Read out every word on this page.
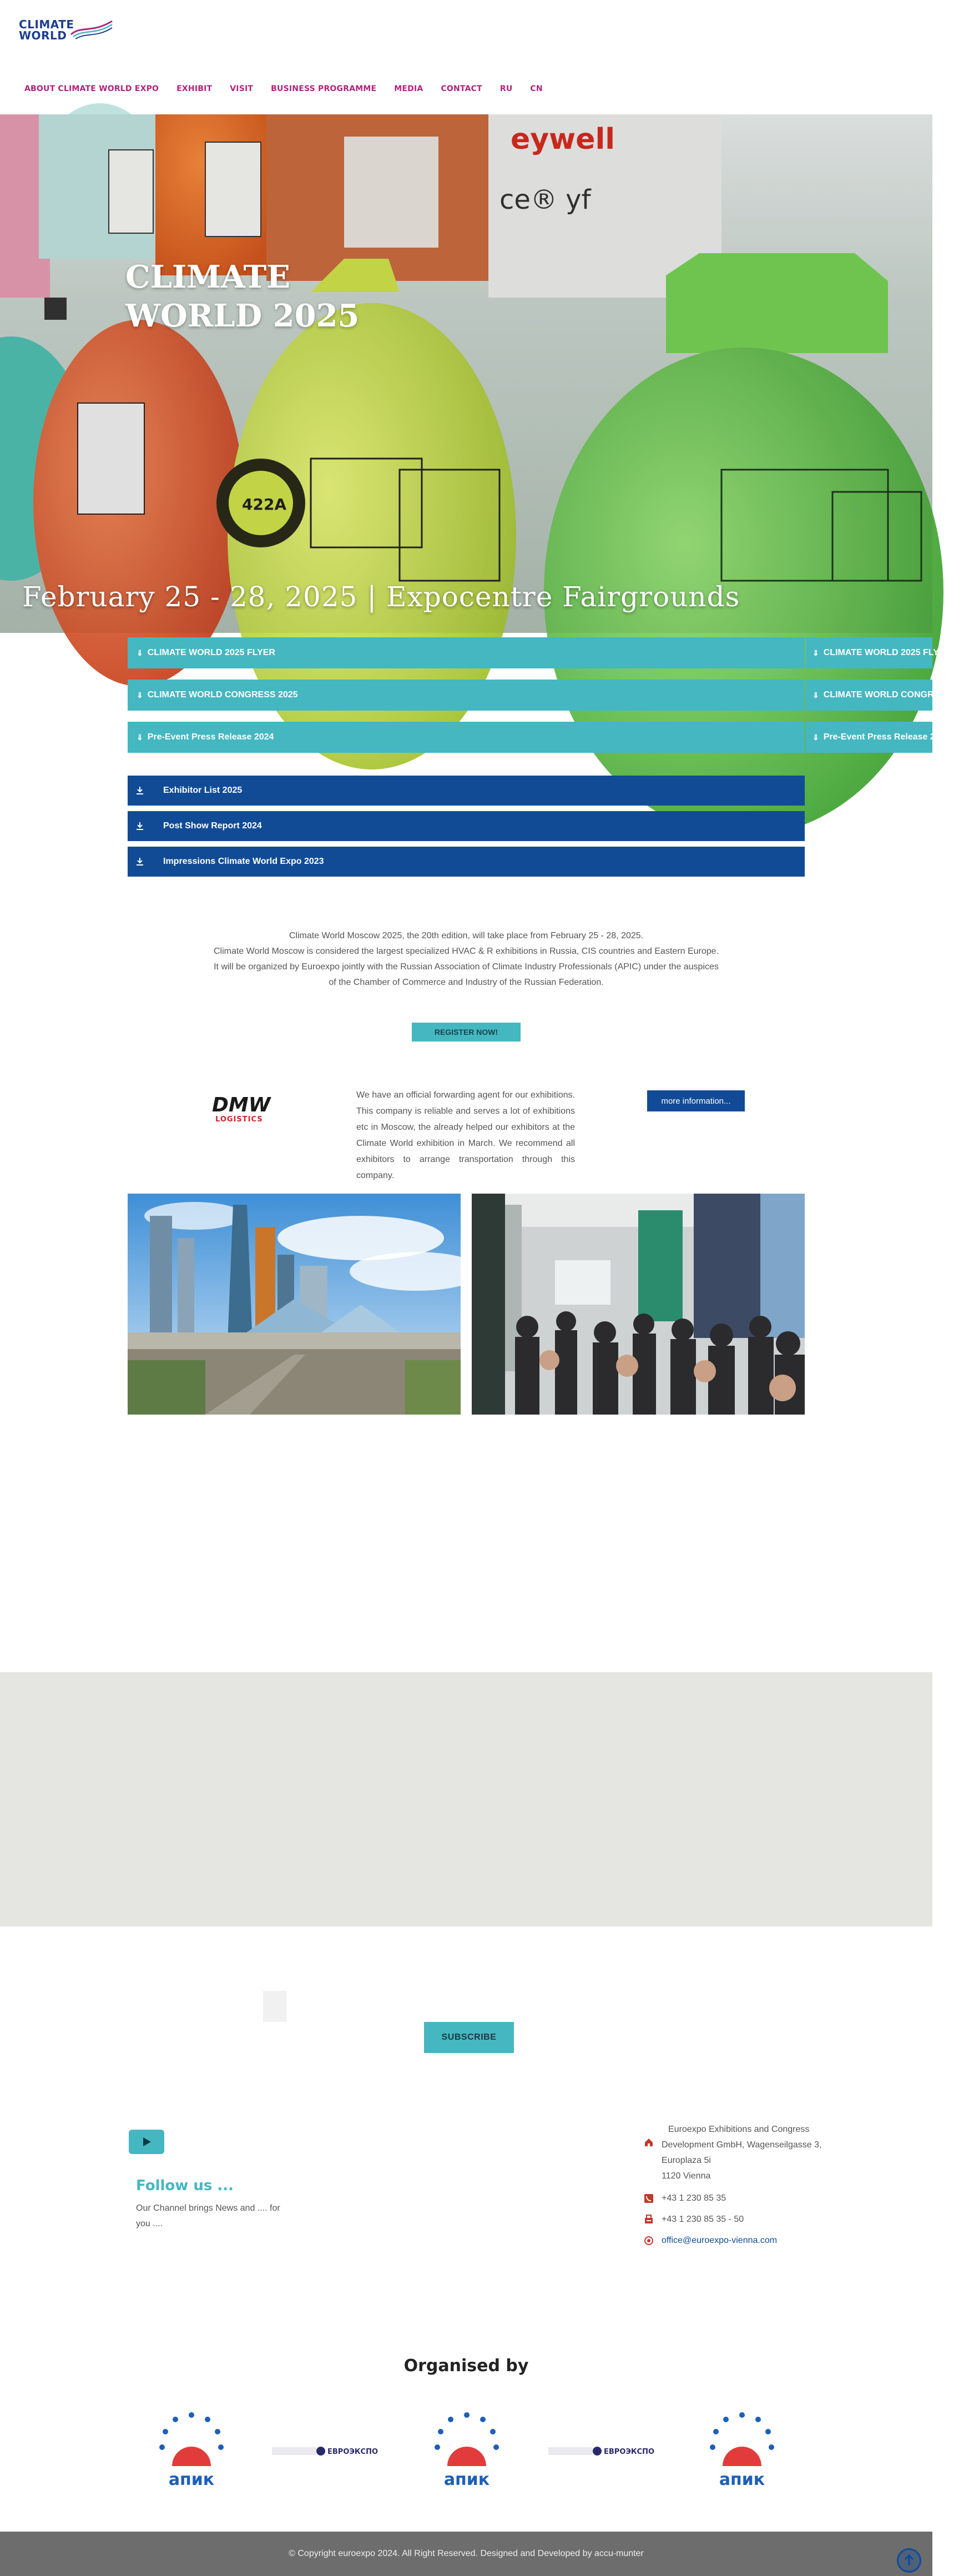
CLIMATE
WORLD
ABOUT CLIMATE WORLD EXPO EXHIBIT VISIT BUSINESS PROGRAMME MEDIA CONTACT RU CN
CLIMATE
WORLD 2025
February 25 - 28, 2025 | Expocentre Fairgrounds
⇓ CLIMATE WORLD 2025 FLYER	⇓ CLIMATE WORLD 2025 FLYER
⇓ CLIMATE WORLD CONGRESS 2025	⇓ CLIMATE WORLD CONGRESS 2025
⇓ Pre-Event Press Release 2024	⇓ Pre-Event Press Release 2024
Exhibitor List 2025
Post Show Report 2024
Impressions Climate World Expo 2023
Climate World Moscow 2025, the 20th edition, will take place from February 25 - 28, 2025.
Climate World Moscow is considered the largest specialized HVAC & R exhibitions in Russia, CIS countries and Eastern Europe.
It will be organized by Euroexpo jointly with the Russian Association of Climate Industry Professionals (APIC) under the auspices
of the Chamber of Commerce and Industry of the Russian Federation.
REGISTER NOW!
DMW
LOGISTICS
We have an official forwarding agent for our exhibitions. This company is reliable and serves a lot of exhibitions etc in Moscow, the already helped our exhibitors at the Climate World exhibition in March. We recommend all exhibitors to arrange transportation through this company.
more information...
SUBSCRIBE
Follow us ...
Our Channel brings News and .... for you ....
Euroexpo Exhibitions and Congress
Development GmbH, Wagenseilgasse 3,
Europlaza 5i
1120 Vienna
+43 1 230 85 35
+43 1 230 85 35 - 50
office@euroexpo-vienna.com
Organised by
апик
ЕВРОЭКСПО
апик
ЕВРОЭКСПО
апик
© Copyright euroexpo 2024. All Right Reserved. Designed and Developed by accu-munter
